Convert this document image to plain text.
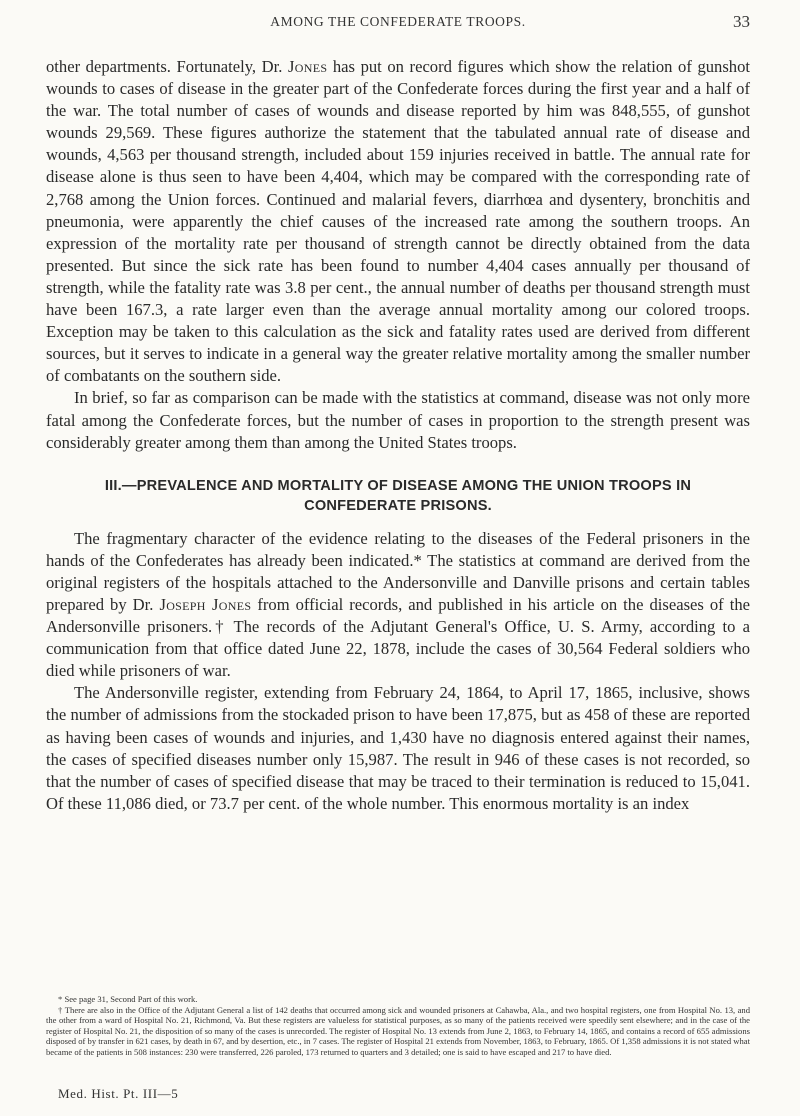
AMONG THE CONFEDERATE TROOPS.	33

other departments. Fortunately, Dr. Jones has put on record figures which show the relation of gunshot wounds to cases of disease in the greater part of the Confederate forces during the first year and a half of the war. The total number of cases of wounds and disease reported by him was 848,555, of gunshot wounds 29,569. These figures authorize the statement that the tabulated annual rate of disease and wounds, 4,563 per thousand strength, included about 159 injuries received in battle. The annual rate for disease alone is thus seen to have been 4,404, which may be compared with the corresponding rate of 2,768 among the Union forces. Continued and malarial fevers, diarrhœa and dysentery, bronchitis and pneumonia, were apparently the chief causes of the increased rate among the southern troops. An expression of the mortality rate per thousand of strength cannot be directly obtained from the data presented. But since the sick rate has been found to number 4,404 cases annually per thousand of strength, while the fatality rate was 3.8 per cent., the annual number of deaths per thousand strength must have been 167.3, a rate larger even than the average annual mortality among our colored troops. Exception may be taken to this calculation as the sick and fatality rates used are derived from different sources, but it serves to indicate in a general way the greater relative mortality among the smaller number of combatants on the southern side.

In brief, so far as comparison can be made with the statistics at command, disease was not only more fatal among the Confederate forces, but the number of cases in proportion to the strength present was considerably greater among them than among the United States troops.

III.—PREVALENCE AND MORTALITY OF DISEASE AMONG THE UNION TROOPS IN CONFEDERATE PRISONS.

The fragmentary character of the evidence relating to the diseases of the Federal prisoners in the hands of the Confederates has already been indicated.* The statistics at command are derived from the original registers of the hospitals attached to the Andersonville and Danville prisons and certain tables prepared by Dr. Joseph Jones from official records, and published in his article on the diseases of the Andersonville prisoners.† The records of the Adjutant General's Office, U. S. Army, according to a communication from that office dated June 22, 1878, include the cases of 30,564 Federal soldiers who died while prisoners of war.

The Andersonville register, extending from February 24, 1864, to April 17, 1865, inclusive, shows the number of admissions from the stockaded prison to have been 17,875, but as 458 of these are reported as having been cases of wounds and injuries, and 1,430 have no diagnosis entered against their names, the cases of specified diseases number only 15,987. The result in 946 of these cases is not recorded, so that the number of cases of specified disease that may be traced to their termination is reduced to 15,041. Of these 11,086 died, or 73.7 per cent. of the whole number. This enormous mortality is an index

* See page 31, Second Part of this work.

† There are also in the Office of the Adjutant General a list of 142 deaths that occurred among sick and wounded prisoners at Cahawba, Ala., and two hospital registers, one from Hospital No. 13, and the other from a ward of Hospital No. 21, Richmond, Va. But these registers are valueless for statistical purposes, as so many of the patients received were speedily sent elsewhere; and in the case of the register of Hospital No. 21, the disposition of so many of the cases is unrecorded. The register of Hospital No. 13 extends from June 2, 1863, to February 14, 1865, and contains a record of 655 admissions disposed of by transfer in 621 cases, by death in 67, and by desertion, etc., in 7 cases. The register of Hospital 21 extends from November, 1863, to February, 1865. Of 1,358 admissions it is not stated what became of the patients in 508 instances: 230 were transferred, 226 paroled, 173 returned to quarters and 3 detailed; one is said to have escaped and 217 to have died.

Med. Hist. Pt. III—5
